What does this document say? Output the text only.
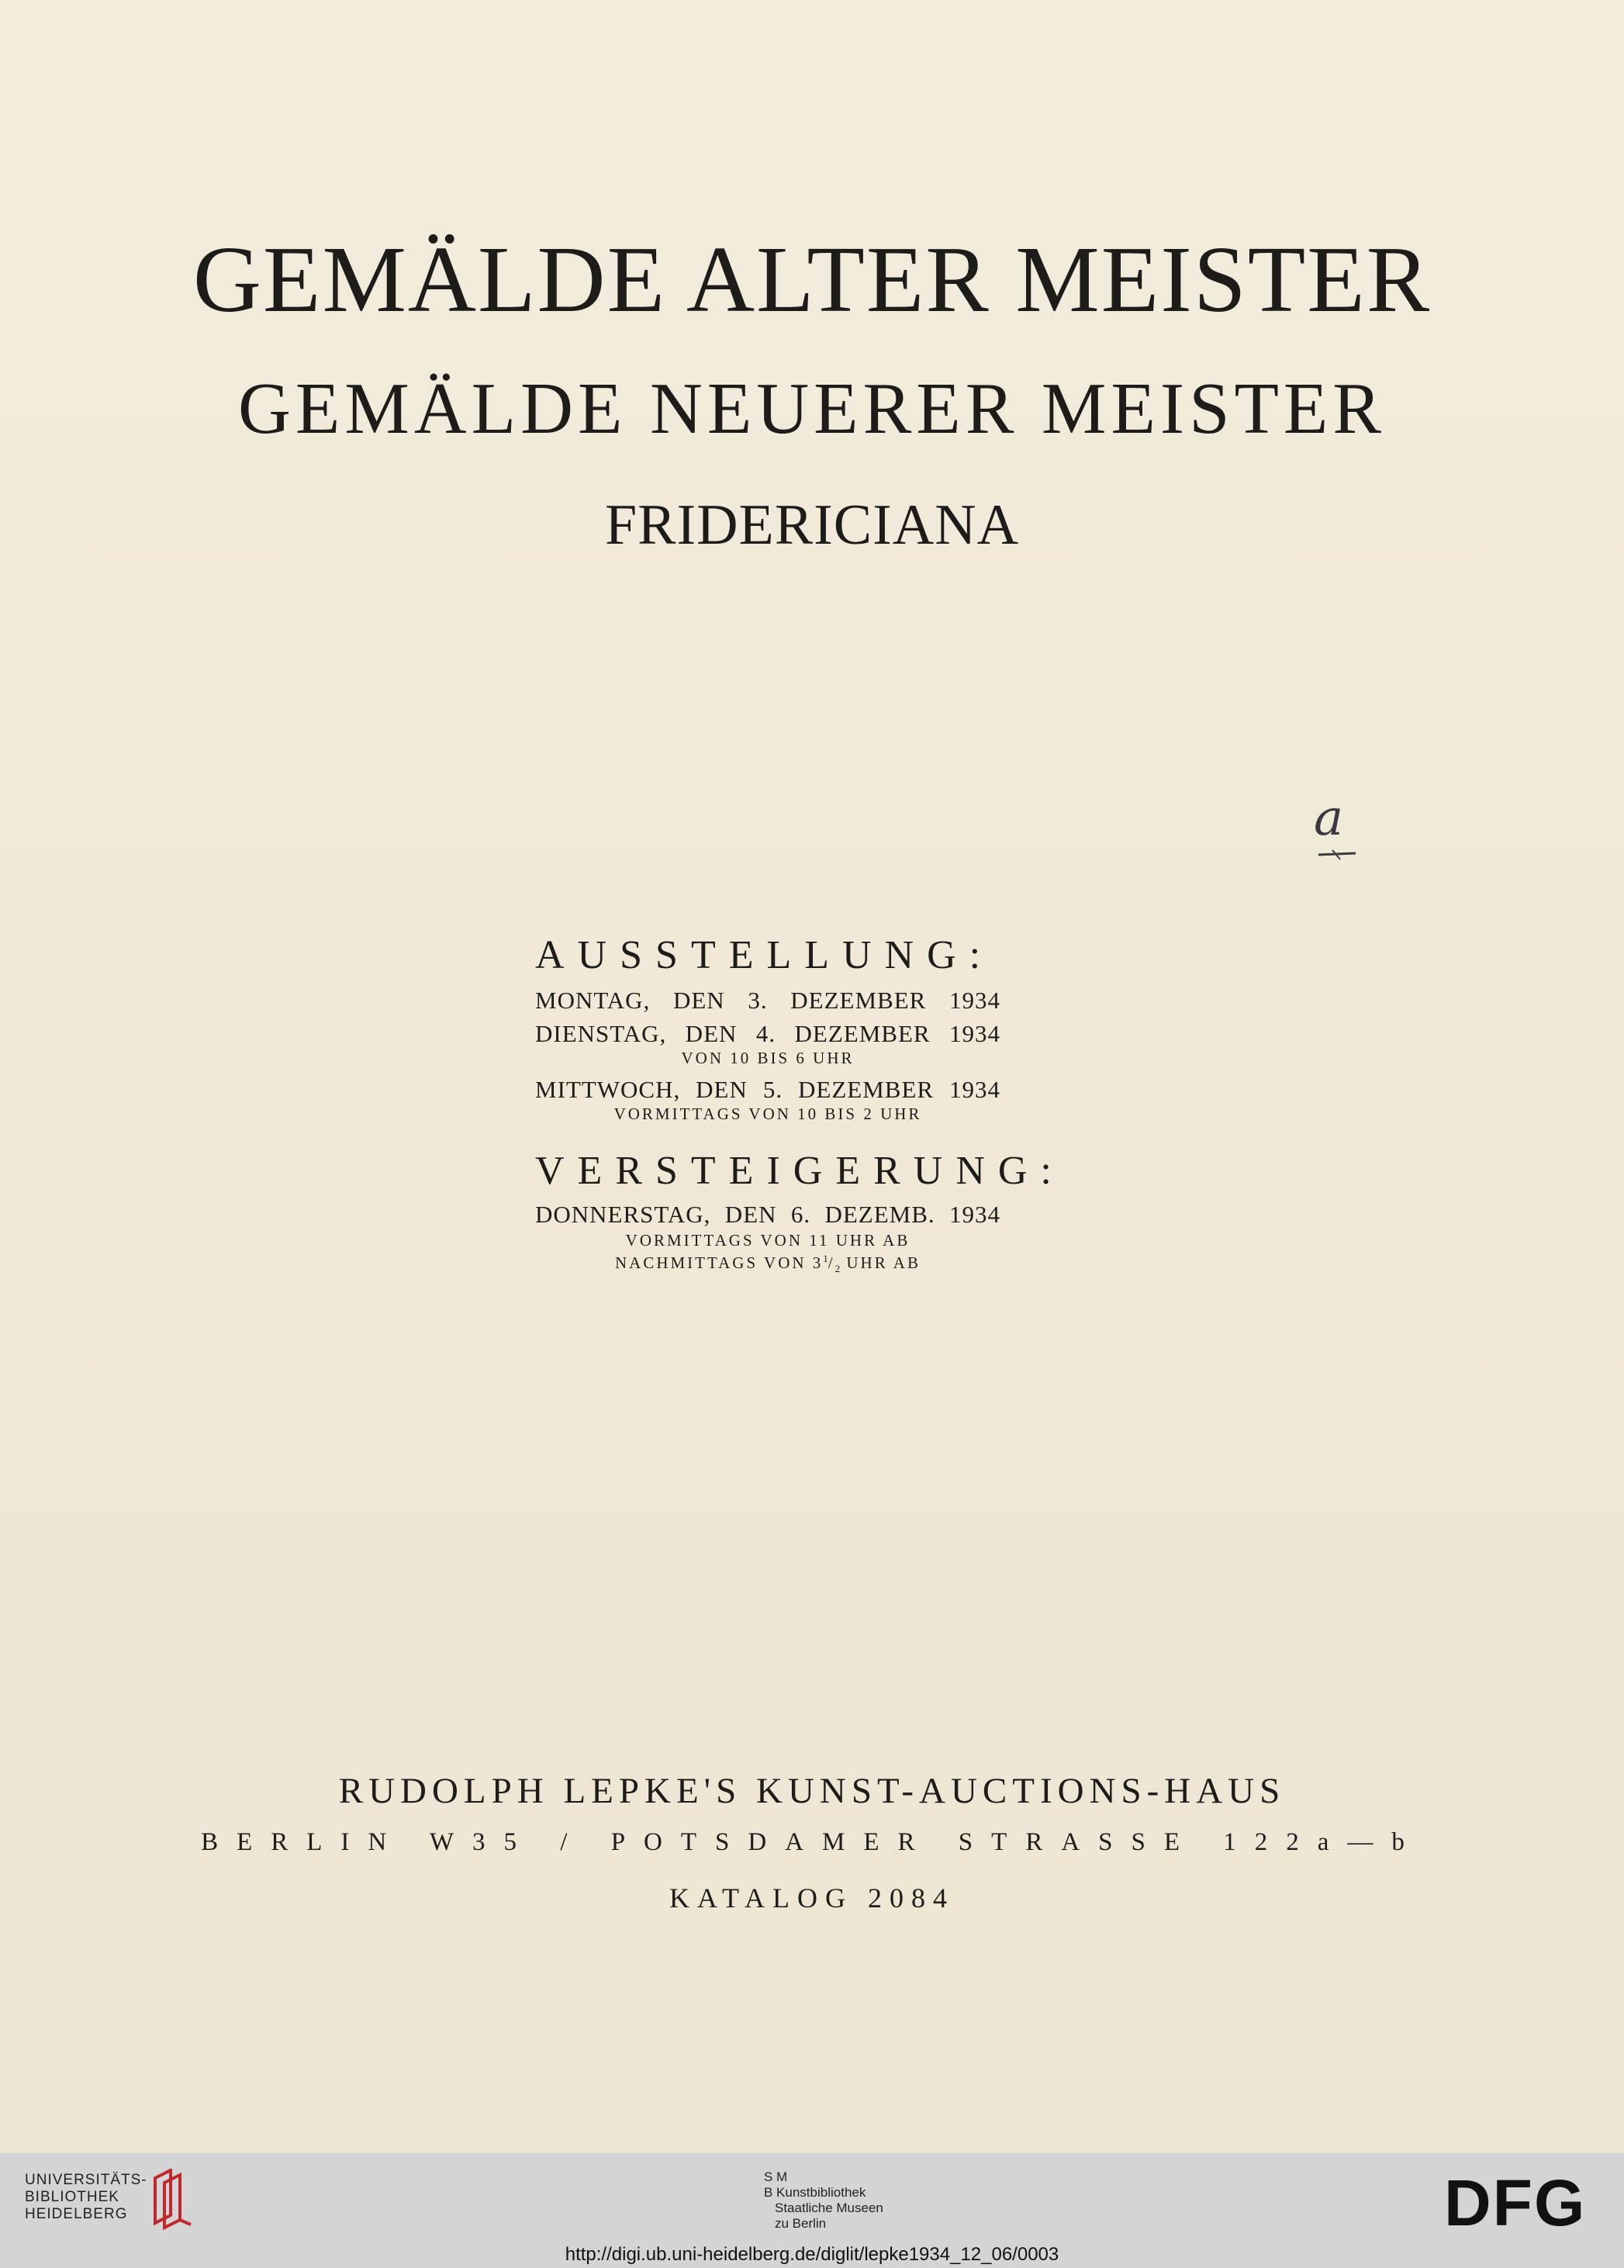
GEMÄLDE ALTER MEISTER
GEMÄLDE NEUERER MEISTER
FRIDERICIANA
a
AUSSTELLUNG:
MONTAG, DEN 3. DEZEMBER 1934
DIENSTAG, DEN 4. DEZEMBER 1934
VON 10 BIS 6 UHR
MITTWOCH, DEN 5. DEZEMBER 1934
VORMITTAGS VON 10 BIS 2 UHR
VERSTEIGERUNG:
DONNERSTAG, DEN 6. DEZEMB. 1934
VORMITTAGS VON 11 UHR AB
NACHMITTAGS VON $3^1/_2$ UHR AB
RUDOLPH LEPKE'S KUNST-AUCTIONS-HAUS
BERLIN W35 / POTSDAMER STRASSE 122a—b
KATALOG 2084
UNIVERSITÄTS-
BIBLIOTHEK
HEIDELBERG
S M
B Kunstbibliothek
Staatliche Museen
zu Berlin	DFG
http://digi.ub.uni-heidelberg.de/diglit/lepke1934_12_06/0003
